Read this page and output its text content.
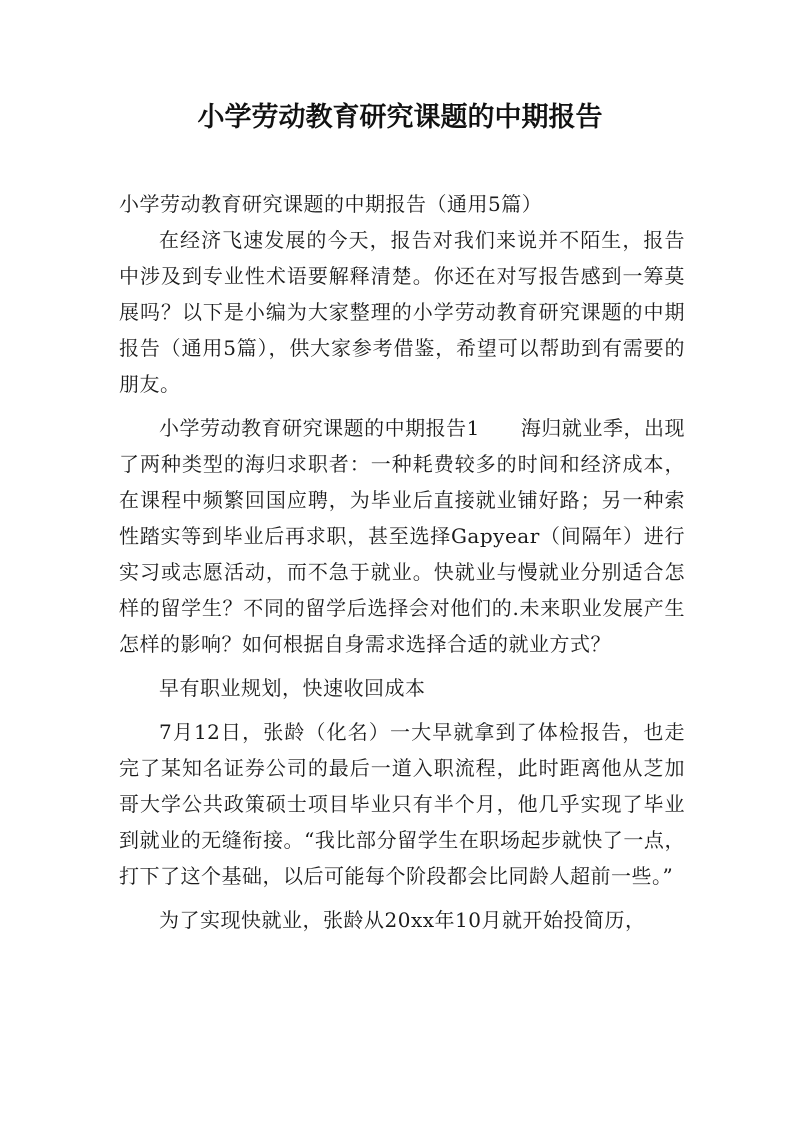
小学劳动教育研究课题的中期报告

小学劳动教育研究课题的中期报告（通用5篇）

在经济飞速发展的今天，报告对我们来说并不陌生，报告中涉及到专业性术语要解释清楚。你还在对写报告感到一筹莫展吗？以下是小编为大家整理的小学劳动教育研究课题的中期报告（通用5篇），供大家参考借鉴，希望可以帮助到有需要的朋友。

小学劳动教育研究课题的中期报告1　　海归就业季，出现了两种类型的海归求职者：一种耗费较多的时间和经济成本，在课程中频繁回国应聘，为毕业后直接就业铺好路；另一种索性踏实等到毕业后再求职，甚至选择Gapyear（间隔年）进行实习或志愿活动，而不急于就业。快就业与慢就业分别适合怎样的留学生？不同的留学后选择会对他们的.未来职业发展产生怎样的影响？如何根据自身需求选择合适的就业方式？

早有职业规划，快速收回成本

7月12日，张龄（化名）一大早就拿到了体检报告，也走完了某知名证券公司的最后一道入职流程，此时距离他从芝加哥大学公共政策硕士项目毕业只有半个月，他几乎实现了毕业到就业的无缝衔接。“我比部分留学生在职场起步就快了一点，打下了这个基础，以后可能每个阶段都会比同龄人超前一些。”

为了实现快就业，张龄从20xx年10月就开始投简历，
